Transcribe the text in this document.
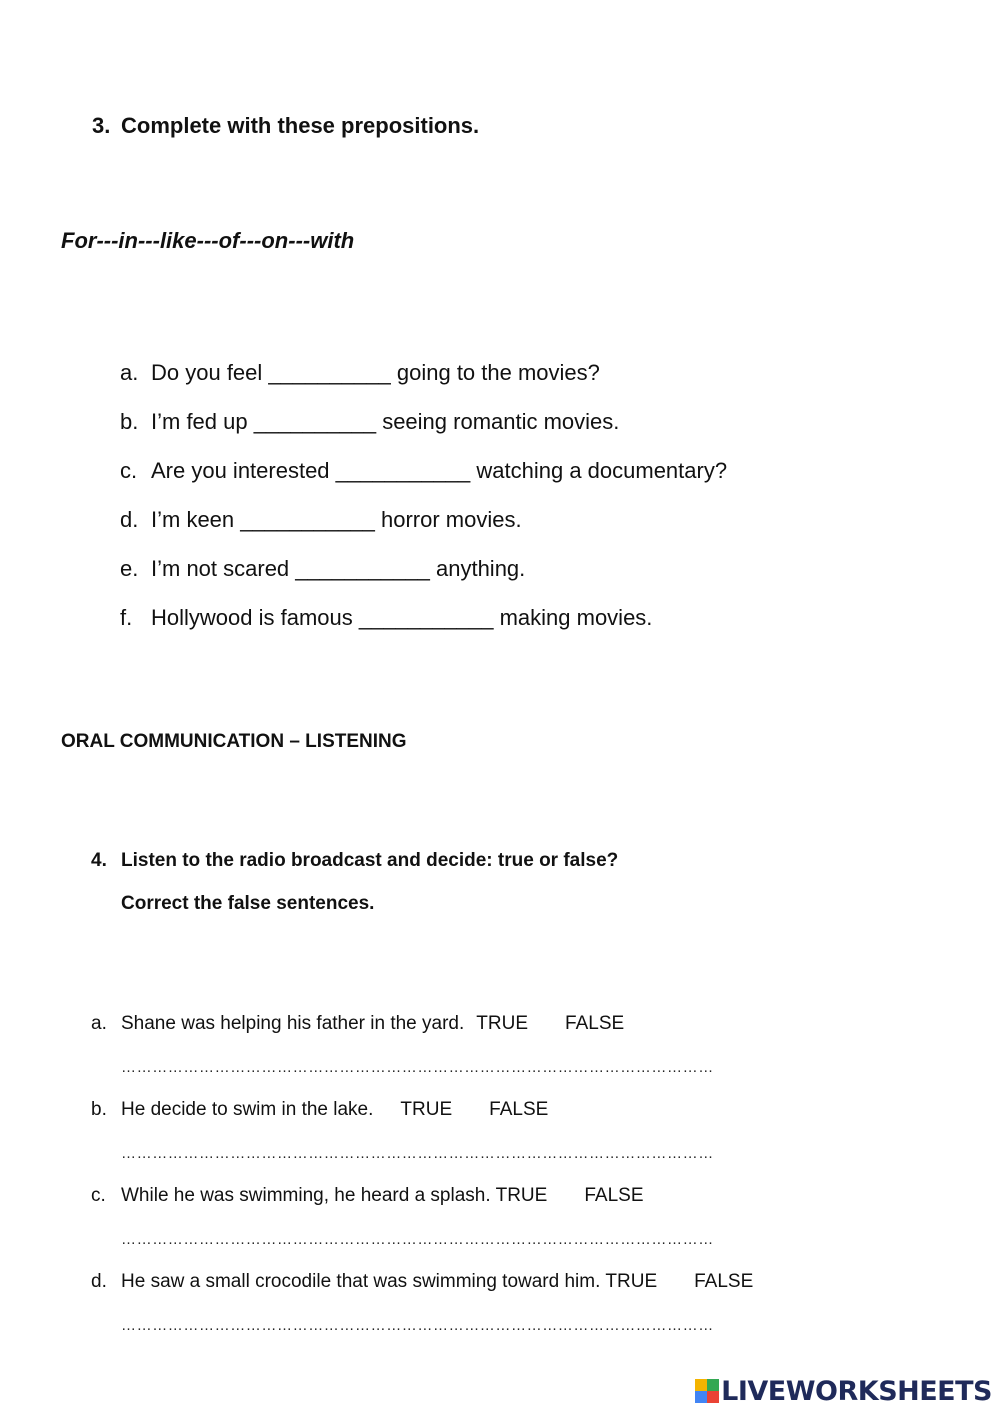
3. Complete with these prepositions.
For---in---like---of---on---with
a. Do you feel __________ going to the movies?
b. I’m fed up __________ seeing romantic movies.
c. Are you interested ___________ watching a documentary?
d. I’m keen ___________ horror movies.
e. I’m not scared ___________ anything.
f. Hollywood is famous ___________ making movies.
ORAL COMMUNICATION – LISTENING
4. Listen to the radio broadcast and decide: true or false?
Correct the false sentences.
a. Shane was helping his father in the yard. TRUE FALSE
……………………………………………………………………………………………………
b. He decide to swim in the lake. TRUE FALSE
……………………………………………………………………………………………………
c. While he was swimming, he heard a splash. TRUE FALSE
……………………………………………………………………………………………………
d. He saw a small crocodile that was swimming toward him. TRUE FALSE
……………………………………………………………………………………………………
LIVEWORKSHEETS
